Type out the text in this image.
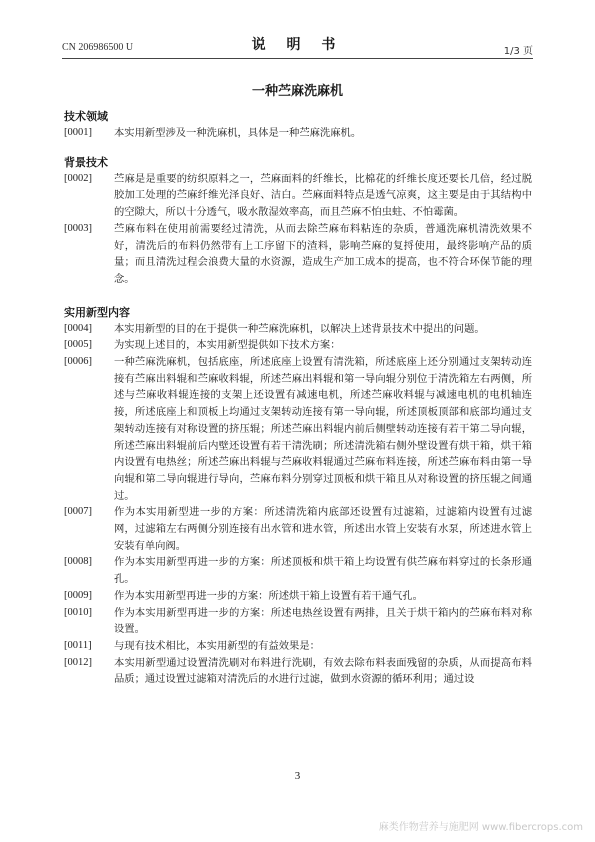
CN 206986500 U	说 明 书	1/3 页
一种苎麻洗麻机

技术领域

[0001] 本实用新型涉及一种洗麻机，具体是一种苎麻洗麻机。

背景技术

[0002] 苎麻是是重要的纺织原料之一，苎麻面料的纤维长，比棉花的纤维长度还要长几倍，经过脱胶加工处理的苎麻纤维光泽良好、洁白。苎麻面料特点是透气凉爽，这主要是由于其结构中的空隙大，所以十分透气，吸水散湿效率高，而且苎麻不怕虫蛀、不怕霉菌。

[0003] 苎麻布料在使用前需要经过清洗，从而去除苎麻布料粘连的杂质，普通洗麻机清洗效果不好，清洗后的布料仍然带有上工序留下的渣料，影响苎麻的复捋使用，最终影响产品的质量；而且清洗过程会浪费大量的水资源，造成生产加工成本的提高，也不符合环保节能的理念。

实用新型内容

[0004] 本实用新型的目的在于提供一种苎麻洗麻机，以解决上述背景技术中提出的问题。

[0005] 为实现上述目的，本实用新型提供如下技术方案：

[0006] 一种苎麻洗麻机，包括底座，所述底座上设置有清洗箱，所述底座上还分别通过支架转动连接有苎麻出料辊和苎麻收料辊，所述苎麻出料辊和第一导向辊分别位于清洗箱左右两侧，所述与苎麻收料辊连接的支架上还设置有减速电机，所述苎麻收料辊与减速电机的电机轴连接，所述底座上和顶板上均通过支架转动连接有第一导向辊，所述顶板顶部和底部均通过支架转动连接有对称设置的挤压辊；所述苎麻出料辊内前后侧壁转动连接有若干第二导向辊，所述苎麻出料辊前后内壁还设置有若干清洗刷；所述清洗箱右侧外壁设置有烘干箱，烘干箱内设置有电热丝；所述苎麻出料辊与苎麻收料辊通过苎麻布料连接，所述苎麻布料由第一导向辊和第二导向辊进行导向，苎麻布料分别穿过顶板和烘干箱且从对称设置的挤压辊之间通过。

[0007] 作为本实用新型进一步的方案：所述清洗箱内底部还设置有过滤箱，过滤箱内设置有过滤网，过滤箱左右两侧分别连接有出水管和进水管，所述出水管上安装有水泵，所述进水管上安装有单向阀。

[0008] 作为本实用新型再进一步的方案：所述顶板和烘干箱上均设置有供苎麻布料穿过的长条形通孔。

[0009] 作为本实用新型再进一步的方案：所述烘干箱上设置有若干通气孔。

[0010] 作为本实用新型再进一步的方案：所述电热丝设置有两排，且关于烘干箱内的苎麻布料对称设置。

[0011] 与现有技术相比，本实用新型的有益效果是：

[0012] 本实用新型通过设置清洗刷对布料进行洗刷，有效去除布料表面残留的杂质，从而提高布料品质；通过设置过滤箱对清洗后的水进行过滤，做到水资源的循环利用；通过设

3
麻类作物营养与施肥网 www.fibercrops.com
